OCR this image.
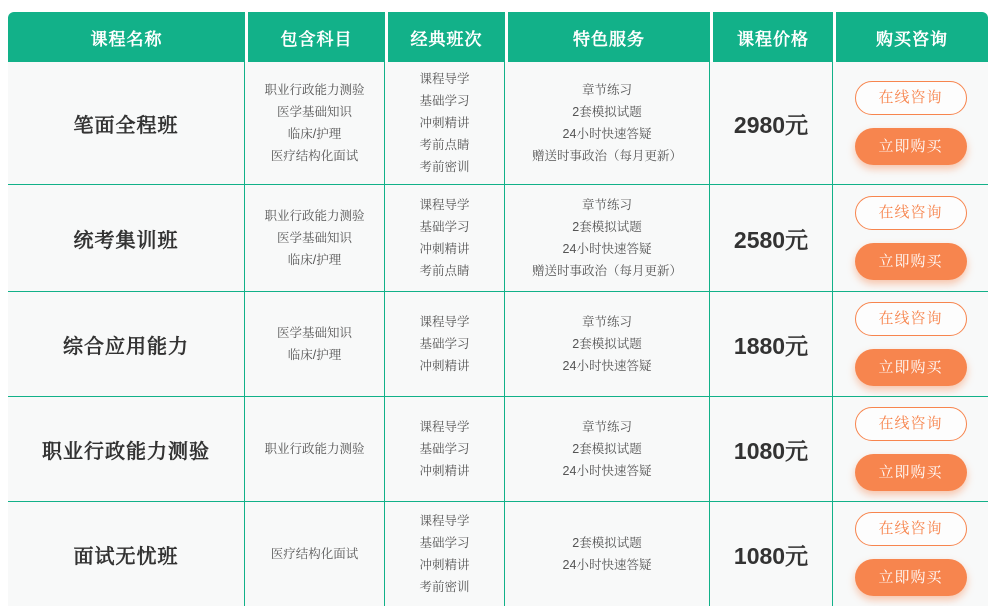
课程名称	包含科目	经典班次	特色服务	课程价格	购买咨询
笔面全程班	职业行政能力测验
医学基础知识
临床/护理
医疗结构化面试	课程导学
基础学习
冲刺精讲
考前点睛
考前密训	章节练习
2套模拟试题
24小时快速答疑
赠送时事政治（每月更新）	2980元	在线咨询
立即购买

统考集训班	职业行政能力测验
医学基础知识
临床/护理	课程导学
基础学习
冲刺精讲
考前点睛	章节练习
2套模拟试题
24小时快速答疑
赠送时事政治（每月更新）	2580元	在线咨询
立即购买

综合应用能力	医学基础知识
临床/护理	课程导学
基础学习
冲刺精讲	章节练习
2套模拟试题
24小时快速答疑	1880元	在线咨询
立即购买

职业行政能力测验	职业行政能力测验	课程导学
基础学习
冲刺精讲	章节练习
2套模拟试题
24小时快速答疑	1080元	在线咨询
立即购买

面试无忧班	医疗结构化面试	课程导学
基础学习
冲刺精讲
考前密训	2套模拟试题
24小时快速答疑	1080元	在线咨询
立即购买
